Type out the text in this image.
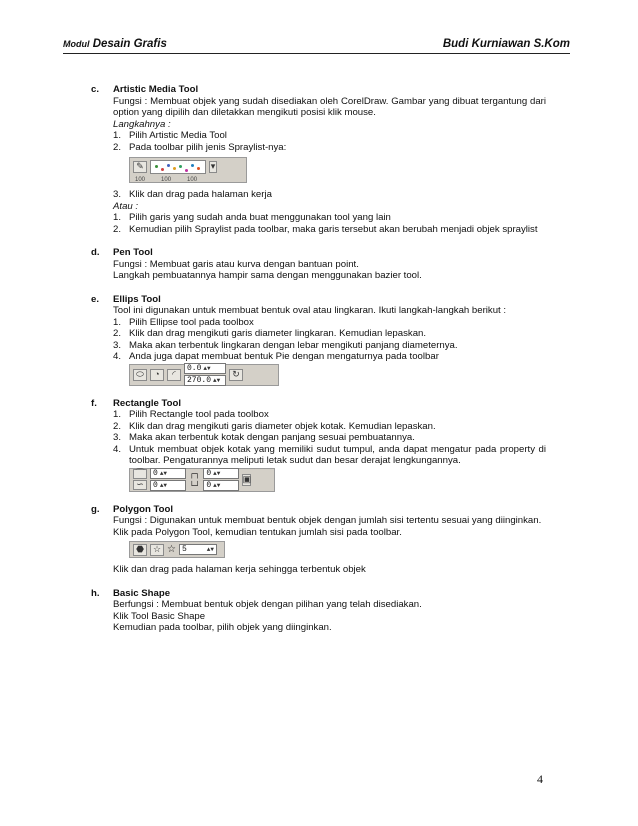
Modul Desain Grafis	Budi Kurniawan S.Kom
c. Artistic Media Tool
Fungsi : Membuat objek yang sudah disediakan oleh CorelDraw. Gambar yang dibuat tergantung dari option yang dipilih dan diletakkan mengikuti posisi klik mouse.
Langkahnya :
1. Pilih Artistic Media Tool
2. Pada toolbar pilih jenis Spraylist-nya:
✎	▾
100	100	100
3. Klik dan drag pada halaman kerja
Atau :
1. Pilih garis yang sudah anda buat menggunakan tool yang lain
2. Kemudian pilih Spraylist pada toolbar, maka garis tersebut akan berubah menjadi objek spraylist
d. Pen Tool
Fungsi : Membuat garis atau kurva dengan bantuan point.
Langkah pembuatannya hampir sama dengan menggunakan bazier tool.
e. Ellips Tool
Tool ini digunakan untuk membuat bentuk oval atau lingkaran. Ikuti langkah-langkah berikut :
1. Pilih Ellipse tool pada toolbox
2. Klik dan drag mengikuti garis diameter lingkaran. Kemudian lepaskan.
3. Maka akan terbentuk lingkaran dengan lebar mengikuti panjang diameternya.
4. Anda juga dapat membuat bentuk Pie dengan mengaturnya pada toolbar
⬭	◔	◜
0.0 ▲▼
270.0 ▲▼
↻
f. Rectangle Tool
1. Pilih Rectangle tool pada toolbox
2. Klik dan drag mengikuti garis diameter objek kotak. Kemudian lepaskan.
3. Maka akan terbentuk kotak dengan panjang sesuai pembuatannya.
4. Untuk membuat objek kotak yang memiliki sudut tumpul, anda dapat mengatur pada property di toolbar. Pengaturannya meliputi letak sudut dan besar derajat lengkungannya.
⌒
∽
0 ▲▼
0 ▲▼
┌┐
└┘
0 ▲▼
0 ▲▼
▣
g. Polygon Tool
Fungsi : Digunakan untuk membuat bentuk objek dengan jumlah sisi tertentu sesuai yang diinginkan.
Klik pada Polygon Tool, kemudian tentukan jumlah sisi pada toolbar.
⬣	☆ ☆ 5	▲▼
Klik dan drag pada halaman kerja sehingga terbentuk objek
h. Basic Shape
Berfungsi : Membuat bentuk objek dengan pilihan yang telah disediakan.
Klik Tool Basic Shape
Kemudian pada toolbar, pilih objek yang diinginkan.
4
